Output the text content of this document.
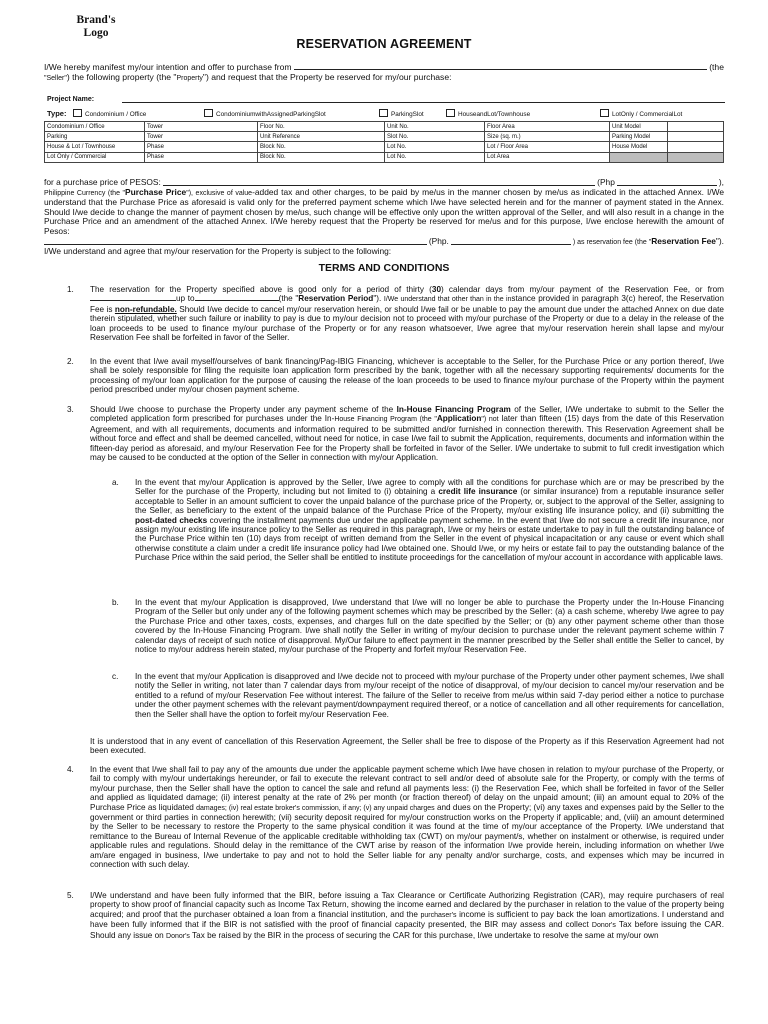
Brand's Logo
RESERVATION AGREEMENT
I/We hereby manifest my/our intention and offer to purchase from	(the
"Seller") the following property (the "Property") and request that the Property be reserved for my/our purchase:
Project Name:
Type:	Condominium / Office	CondominiumwithAssignedParkingSlot	ParkingSlot	HouseandLot/Townhouse	LotOnly / CommercialLot
Condominium / Office	Tower	Floor No.	Unit No.	Floor Area	Unit Model	
Parking	Tower	Unit Reference	Slot No.	Size (sq. m.)	Parking Model	
House & Lot / Townhouse	Phase	Block No.	Lot No.	Lot / Floor Area	House Model	
Lot Only / Commercial	Phase	Block No.	Lot No.	Lot Area		
for a purchase price of PESOS:	(Php	),
Philippine Currency (the "Purchase Price"), exclusive of value-added tax and other charges, to be paid by me/us in the manner chosen by me/us as indicated in the attached Annex. I/We understand that the Purchase Price as aforesaid is valid only for the preferred payment scheme which I/we have selected herein and for the manner of payment stated in the Annex. Should I/we decide to change the manner of payment chosen by me/us, such change will be effective only upon the written approval of the Seller, and will also result in a change in the Purchase Price and an amendment of the attached Annex. I/We hereby request that the Property be reserved for me/us and for this purpose, I/we enclose herewith the amount of Pesos:
(Php.	) as reservation fee (the "Reservation Fee").
I/We understand and agree that my/our reservation for the Property is subject to the following:
TERMS AND CONDITIONS
1. The reservation for the Property specified above is good only for a period of thirty (30) calendar days from my/our payment of the Reservation Fee, or fromup to	(the "Reservation Period"). I/We understand that other than in the instance provided in paragraph 3(c) hereof, the Reservation Fee is non-refundable. Should I/we decide to cancel my/our reservation herein, or should I/we fail or be unable to pay the amount due under the attached Annex on due date therein stipulated, whether such failure or inability to pay is due to my/our decision not to proceed with my/our purchase of the Property or due to a delay in the release of the loan proceeds to be used to finance my/our purchase of the Property or for any reason whatsoever, I/we agree that my/our reservation herein shall lapse and my/our Reservation Fee shall be forfeited in favor of the Seller.
2. In the event that I/we avail myself/ourselves of bank financing/Pag-IBIG Financing, whichever is acceptable to the Seller, for the Purchase Price or any portion thereof, I/we shall be solely responsible for filing the requisite loan application form prescribed by the bank, together with all the necessary supporting requirements/ documents for the processing of my/our loan application for the purpose of causing the release of the loan proceeds to be used to finance my/our purchase of the Property within the payment period prescribed under my/our chosen payment scheme.
3. Should I/we choose to purchase the Property under any payment scheme of the In-House Financing Program of the Seller, I/We undertake to submit to the Seller the completed application form prescribed for purchases under the In-House Financing Program (the "Application") not later than fifteen (15) days from the date of this Reservation Agreement, and with all requirements, documents and information required to be submitted and/or furnished in connection therewith. This Reservation Agreement shall be without force and effect and shall be deemed cancelled, without need for notice, in case I/we fail to submit the Application, requirements, documents and information within the fifteen-day period as aforesaid, and my/our Reservation Fee for the Property shall be forfeited in favor of the Seller. I/We undertake to submit to full credit investigation which may be caused to be conducted at the option of the Seller in connection with my/our Application.
a. In the event that my/our Application is approved by the Seller, I/we agree to comply with all the conditions for purchase which are or may be prescribed by the Seller for the purchase of the Property, including but not limited to (i) obtaining a credit life insurance (or similar insurance) from a reputable insurance seller acceptable to Seller in an amount sufficient to cover the unpaid balance of the purchase price of the Property, or, subject to the approval of the Seller, assigning to the Seller, as beneficiary to the extent of the unpaid balance of the Purchase Price of the Property, my/our existing life insurance policy, and (ii) submitting the post-dated checks covering the installment payments due under the applicable payment scheme. In the event that I/we do not secure a credit life insurance, nor assign my/our existing life insurance policy to the Seller as required in this paragraph, I/we or my heirs or estate undertake to pay in full the outstanding balance of the Purchase Price within ten (10) days from receipt of written demand from the Seller in the event of physical incapacitation or any cause or event which shall otherwise constitute a claim under a credit life insurance policy had I/we obtained one. Should I/we, or my heirs or estate fail to pay the outstanding balance of the Purchase Price within the said period, the Seller shall be entitled to institute proceedings for the cancellation of my/our account in accordance with applicable laws.
b. In the event that my/our Application is disapproved, I/we understand that I/we will no longer be able to purchase the Property under the In-House Financing Program of the Seller but only under any of the following payment schemes which may be prescribed by the Seller: (a) a cash scheme, whereby I/we agree to pay the Purchase Price and other taxes, costs, expenses, and charges full on the date specified by the Seller; or (b) any other payment scheme other than those covered by the In-House Financing Program. I/we shall notify the Seller in writing of my/our decision to purchase under the relevant payment scheme within 7 calendar days of receipt of such notice of disapproval. My/Our failure to effect payment in the manner prescribed by the Seller shall entitle the Seller to cancel, by notice to my/our address herein stated, my/our purchase of the Property and forfeit my/our Reservation Fee.
c. In the event that my/our Application is disapproved and I/we decide not to proceed with my/our purchase of the Property under other payment schemes, I/we shall notify the Seller in writing, not later than 7 calendar days from my/our receipt of the notice of disapproval, of my/our decision to cancel my/our reservation and be entitled to a refund of my/our Reservation Fee without interest. The failure of the Seller to receive from me/us within said 7-day period either a notice to purchase under the other payment schemes with the relevant payment/downpayment required thereof, or a notice of cancellation and all other requirements for cancellation, then the Seller shall have the option to forfeit my/our Reservation Fee.
It is understood that in any event of cancellation of this Reservation Agreement, the Seller shall be free to dispose of the Property as if this Reservation Agreement had not been executed.
4. In the event that I/we shall fail to pay any of the amounts due under the applicable payment scheme which I/we have chosen in relation to my/our purchase of the Property, or fail to comply with my/our undertakings hereunder, or fail to execute the relevant contract to sell and/or deed of absolute sale for the Property, or comply with the terms of my/our purchase, then the Seller shall have the option to cancel the sale and refund all payments less: (i) the Reservation Fee, which shall be forfeited in favor of the Seller and applied as liquidated damage; (ii) interest penalty at the rate of 2% per month (or fraction thereof) of delay on the unpaid amount; (iii) an amount equal to 20% of the Purchase Price as liquidated damages; (iv) real estate broker's commission, if any; (v) any unpaid charges and dues on the Property; (vi) any taxes and expenses paid by the Seller to the government or third parties in connection herewith; (vii) security deposit required for my/our construction works on the Property if applicable; and, (viii) an amount determined by the Seller to be necessary to restore the Property to the same physical condition it was found at the time of my/our acceptance of the Property. I/We understand that remittance to the Bureau of Internal Revenue of the applicable creditable withholding tax (CWT) on my/our payment/s, whether on instalment or otherwise, is required under applicable rules and regulations. Should delay in the remittance of the CWT arise by reason of the information I/we provide herein, including information on whether I/we am/are engaged in business, I/we undertake to pay and not to hold the Seller liable for any penalty and/or surcharge, costs, and expenses which may be incurred in connection with such delay.
5. I/We understand and have been fully informed that the BIR, before issuing a Tax Clearance or Certificate Authorizing Registration (CAR), may require purchasers of real property to show proof of financial capacity such as Income Tax Return, showing the income earned and declared by the purchaser in relation to the value of the property being acquired; and proof that the purchaser obtained a loan from a financial institution, and the purchaser's income is sufficient to pay back the loan amortizations. I understand and have been fully informed that if the BIR is not satisfied with the proof of financial capacity presented, the BIR may assess and collect Donor's Tax before issuing the CAR. Should any issue on Donor's Tax be raised by the BIR in the process of securing the CAR for this purchase, I/we undertake to resolve the same at my/our own
